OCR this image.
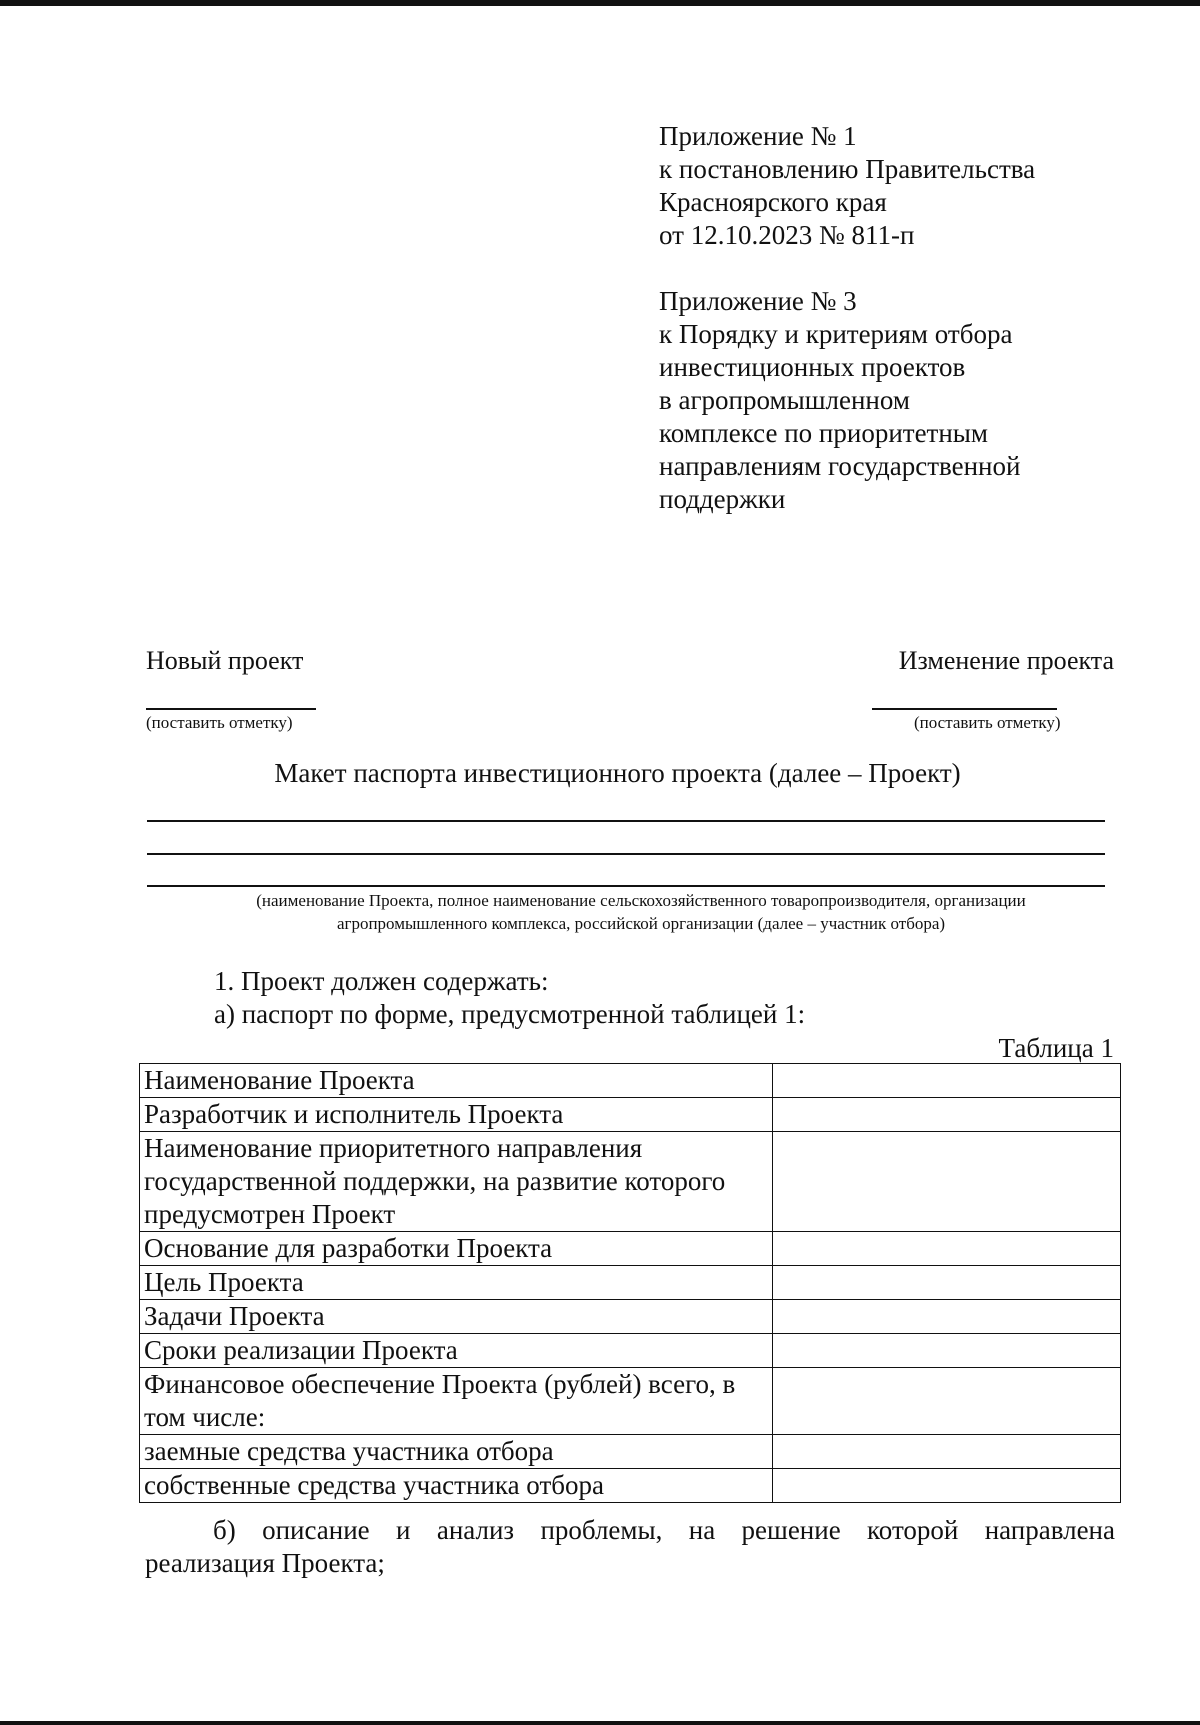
Приложение № 1
к постановлению Правительства
Красноярского края
от 12.10.2023 № 811-п
Приложение № 3
к Порядку и критериям отбора
инвестиционных проектов
в агропромышленном
комплексе по приоритетным
направлениям государственной
поддержки
Новый проект	Изменение проекта
(поставить отметку)	(поставить отметку)
Макет паспорта инвестиционного проекта (далее – Проект)
(наименование Проекта, полное наименование сельскохозяйственного товаропроизводителя, организации
агропромышленного комплекса, российской организации (далее – участник отбора)
1. Проект должен содержать:
а) паспорт по форме, предусмотренной таблицей 1:
Таблица 1
Наименование Проекта	
Разработчик и исполнитель Проекта	
Наименование приоритетного направления государственной поддержки, на развитие которого предусмотрен Проект	
Основание для разработки Проекта	
Цель Проекта	
Задачи Проекта	
Сроки реализации Проекта	
Финансовое обеспечение Проекта (рублей) всего, в том числе:	
заемные средства участника отбора	
собственные средства участника отбора	
б) описание и анализ проблемы, на решение которой направлена
реализация Проекта;
